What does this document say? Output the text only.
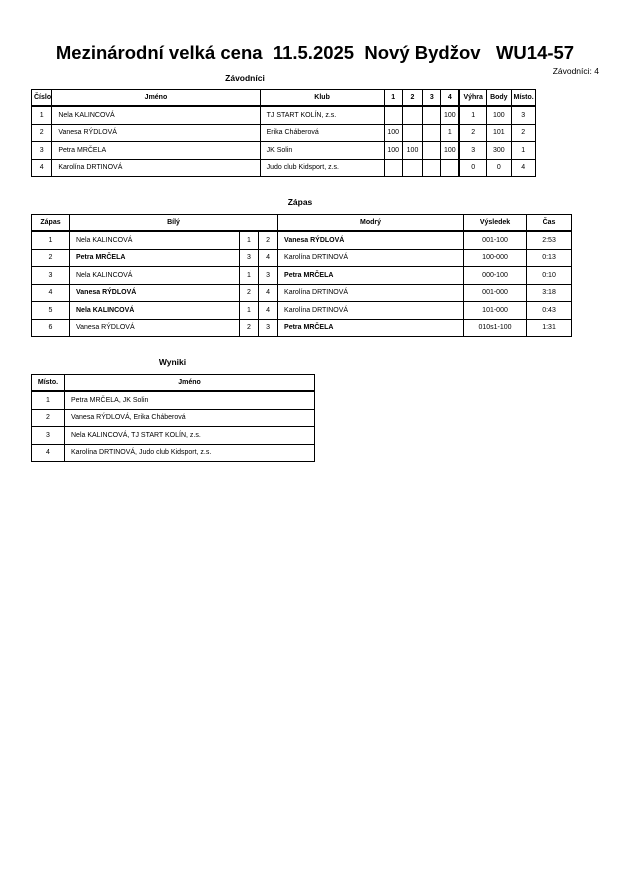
Mezinárodní velká cena  11.5.2025  Nový Bydžov   WU14-57
Závodníci: 4
Závodníci
Číslo	Jméno	Klub	1	2	3	4	Výhra	Body	Místo.
1	Nela KALINCOVÁ	TJ START KOLÍN, z.s.				100	1	100	3
2	Vanesa RÝDLOVÁ	Erika Cháberová	100			1	2	101	2
3	Petra MRČELA	JK Solin	100	100		100	3	300	1
4	Karolína DRTINOVÁ	Judo club Kidsport, z.s.					0	0	4
Zápas
Zápas	Bílý			Modrý	Výsledek	Čas
1	Nela KALINCOVÁ	1	2	Vanesa RÝDLOVÁ	001-100	2:53
2	Petra MRČELA	3	4	Karolína DRTINOVÁ	100-000	0:13
3	Nela KALINCOVÁ	1	3	Petra MRČELA	000-100	0:10
4	Vanesa RÝDLOVÁ	2	4	Karolína DRTINOVÁ	001-000	3:18
5	Nela KALINCOVÁ	1	4	Karolína DRTINOVÁ	101-000	0:43
6	Vanesa RÝDLOVÁ	2	3	Petra MRČELA	010s1-100	1:31
Wyniki
Místo.	Jméno
1	Petra MRČELA, JK Solin
2	Vanesa RÝDLOVÁ, Erika Cháberová
3	Nela KALINCOVÁ, TJ START KOLÍN, z.s.
4	Karolína DRTINOVÁ, Judo club Kidsport, z.s.
